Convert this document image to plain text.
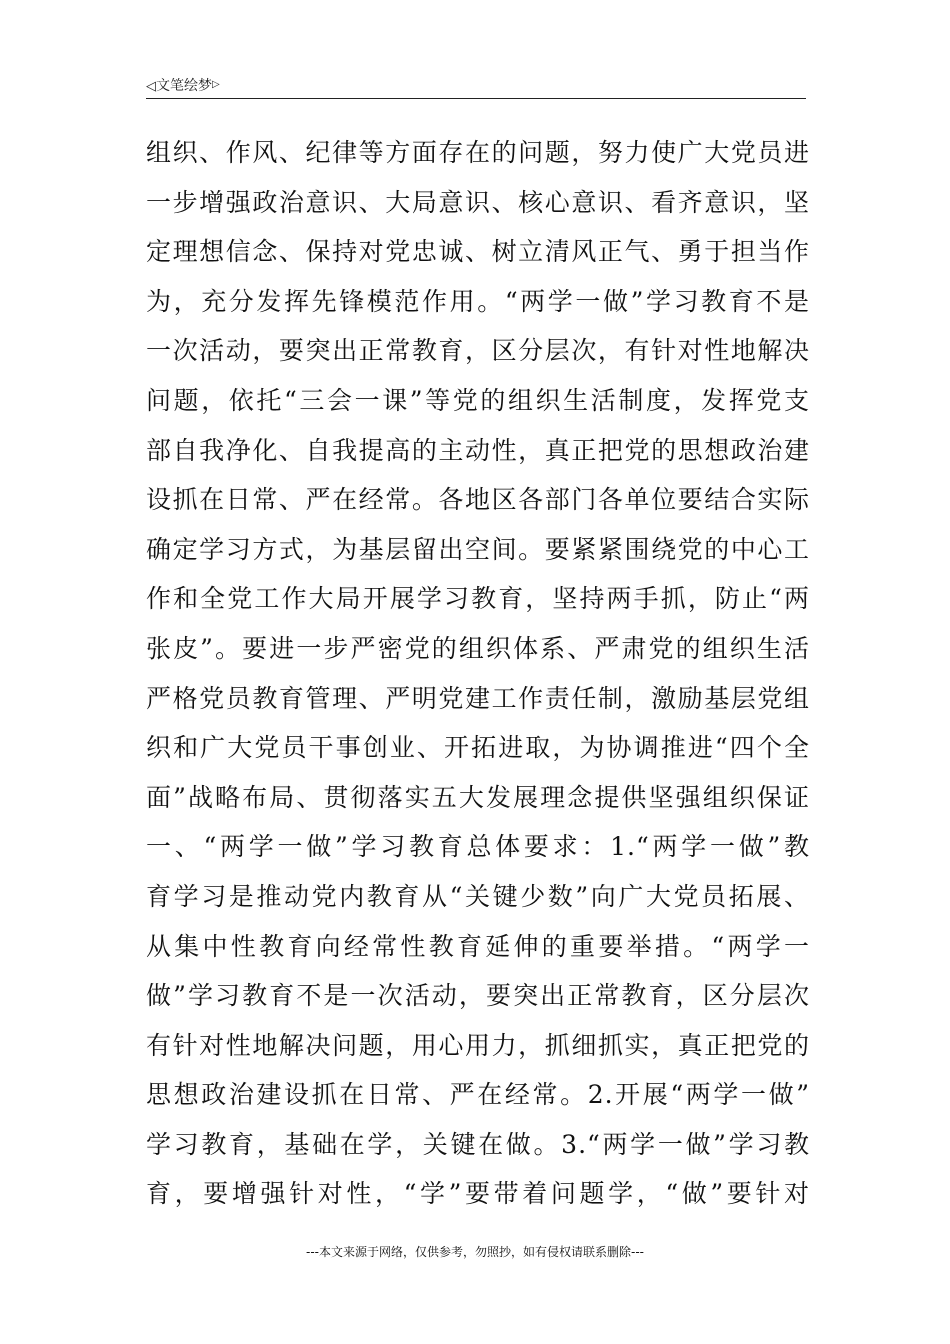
◁文笔绘梦▷
组织、作风、纪律等方面存在的问题，努力使广大党员进
一步增强政治意识、大局意识、核心意识、看齐意识，坚
定理想信念、保持对党忠诚、树立清风正气、勇于担当作
为，充分发挥先锋模范作用。“两学一做”学习教育不是
一次活动，要突出正常教育，区分层次，有针对性地解决
问题，依托“三会一课”等党的组织生活制度，发挥党支
部自我净化、自我提高的主动性，真正把党的思想政治建
设抓在日常、严在经常。各地区各部门各单位要结合实际
确定学习方式，为基层留出空间。要紧紧围绕党的中心工
作和全党工作大局开展学习教育，坚持两手抓，防止“两
张皮”。要进一步严密党的组织体系、严肃党的组织生活
严格党员教育管理、严明党建工作责任制，激励基层党组
织和广大党员干事创业、开拓进取，为协调推进“四个全
面”战略布局、贯彻落实五大发展理念提供坚强组织保证
一、“两学一做”学习教育总体要求：1.“两学一做”教
育学习是推动党内教育从“关键少数”向广大党员拓展、
从集中性教育向经常性教育延伸的重要举措。“两学一
做”学习教育不是一次活动，要突出正常教育，区分层次
有针对性地解决问题，用心用力，抓细抓实，真正把党的
思想政治建设抓在日常、严在经常。2.开展“两学一做”
学习教育，基础在学，关键在做。3.“两学一做”学习教
育，要增强针对性，“学”要带着问题学，“做”要针对
---本文来源于网络，仅供参考，勿照抄，如有侵权请联系删除---
